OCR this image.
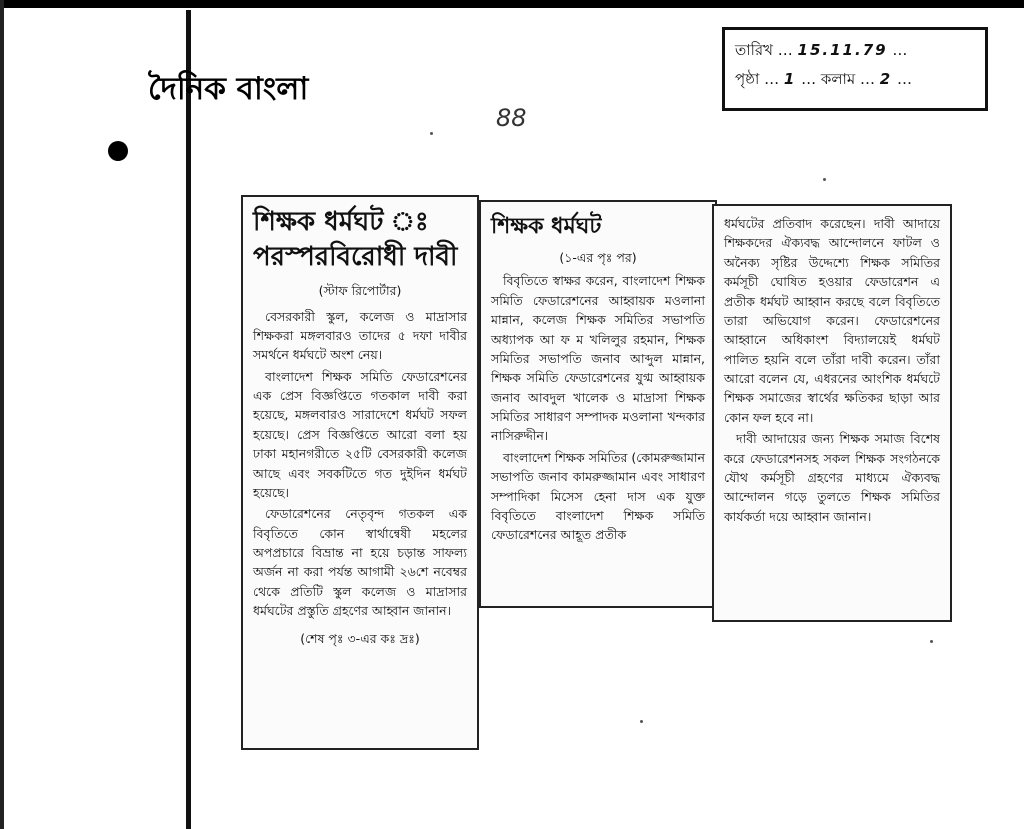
দৈনিক বাংলা
88
তারিখ … 15.11.79 …
পৃষ্ঠা … 1 … কলাম … 2 …
শিক্ষক ধর্মঘট ঃ পরস্পরবিরোধী দাবী
(স্টাফ রিপোর্টার)

বেসরকারী স্কুল, কলেজ ও মাদ্রাসার শিক্ষকরা মঙ্গলবারও তাদের ৫ দফা দাবীর সমর্থনে ধর্মঘটে অংশ নেয়।

বাংলাদেশ শিক্ষক সমিতি ফেডারেশনের এক প্রেস বিজ্ঞপ্তিতে গতকাল দাবী করা হয়েছে, মঙ্গলবারও সারাদেশে ধর্মঘট সফল হয়েছে। প্রেস বিজ্ঞপ্তিতে আরো বলা হয় ঢাকা মহানগরীতে ২৫টি বেসরকারী কলেজ আছে এবং সবকটিতে গত দুইদিন ধর্মঘট হয়েছে।

ফেডারেশনের নেতৃবৃন্দ গতকল এক বিবৃতিতে কোন স্বার্থান্বেষী মহলের অপপ্রচারে বিভ্রান্ত না হয়ে চড়ান্ত সাফল্য অর্জন না করা পর্যন্ত আগামী ২৬শে নবেম্বর থেকে প্রতিটি স্কুল কলেজ ও মাদ্রাসার ধর্মঘটের প্রস্তুতি গ্রহণের আহ্বান জানান।

(শেষ পৃঃ ৩-এর কঃ দ্রঃ)
শিক্ষক ধর্মঘট
(১-এর পৃঃ পর)

বিবৃতিতে স্বাক্ষর করেন, বাংলাদেশ শিক্ষক সমিতি ফেডারেশনের আহ্বায়ক মওলানা মান্নান, কলেজ শিক্ষক সমিতির সভাপতি অধ্যাপক আ ফ ম খলিলুর রহমান, শিক্ষক সমিতির সভাপতি জনাব আব্দুল মান্নান, শিক্ষক সমিতি ফেডারেশনের যুগ্ম আহ্বায়ক জনাব আবদুল খালেক ও মাদ্রাসা শিক্ষক সমিতির সাধারণ সম্পাদক মওলানা খন্দকার নাসিরুদ্দীন।

বাংলাদেশ শিক্ষক সমিতির (কোমরুজ্জামান সভাপতি জনাব কামরুজ্জামান এবং সাধারণ সম্পাদিকা মিসেস হেনা দাস এক যুক্ত বিবৃতিতে বাংলাদেশ শিক্ষক সমিতি ফেডারেশনের আহূত প্রতীক

ধর্মঘটের প্রতিবাদ করেছেন। দাবী আদায়ে শিক্ষকদের ঐক্যবদ্ধ আন্দোলনে ফাটল ও অনৈক্য সৃষ্টির উদ্দেশ্যে শিক্ষক সমিতির কর্মসূচী ঘোষিত হওয়ার ফেডারেশন এ প্রতীক ধর্মঘট আহ্বান করছে বলে বিবৃতিতে তারা অভিযোগ করেন। ফেডারেশনের আহ্বানে অধিকাংশ বিদ্যালয়েই ধর্মঘট পালিত হয়নি বলে তাঁরা দাবী করেন। তাঁরা আরো বলেন যে, এধরনের আংশিক ধর্মঘটে শিক্ষক সমাজের স্বার্থের ক্ষতিকর ছাড়া আর কোন ফল হবে না।

দাবী আদায়ের জন্য শিক্ষক সমাজ বিশেষ করে ফেডারেশনসহ সকল শিক্ষক সংগঠনকে যৌথ কর্মসূচী গ্রহণের মাধ্যমে ঐক্যবদ্ধ আন্দোলন গড়ে তুলতে শিক্ষক সমিতির কার্যকর্তা দয়ে আহ্বান জানান।
